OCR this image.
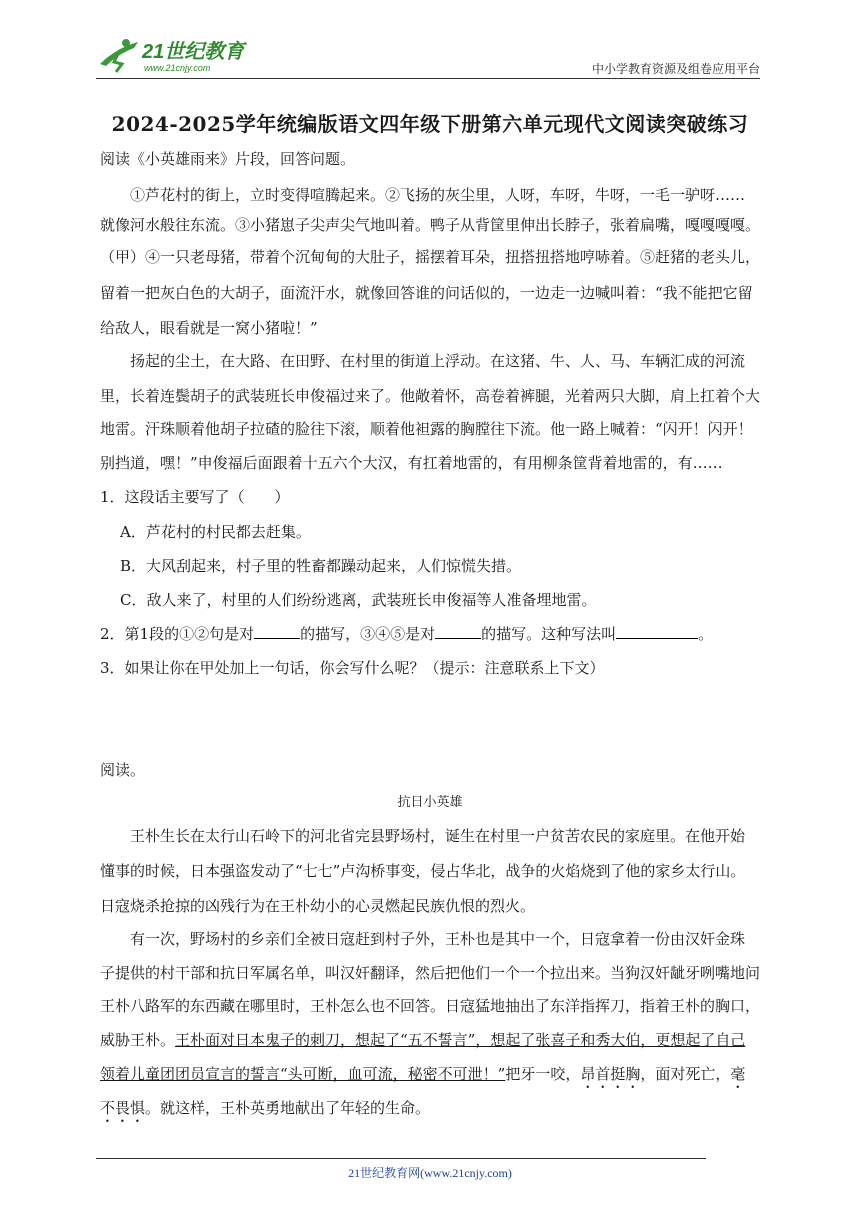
21世纪教育
www.21cnjy.com	中小学教育资源及组卷应用平台
2024-2025学年统编版语文四年级下册第六单元现代文阅读突破练习
阅读《小英雄雨来》片段，回答问题。
①芦花村的街上，立时变得喧腾起来。②飞扬的灰尘里，人呀，车呀，牛呀，一毛一驴呀……
就像河水般往东流。③小猪崽子尖声尖气地叫着。鸭子从背筐里伸出长脖子，张着扁嘴，嘎嘎嘎嘎。
（甲）④一只老母猪，带着个沉甸甸的大肚子，摇摆着耳朵，扭搭扭搭地哼哧着。⑤赶猪的老头儿，
留着一把灰白色的大胡子，面流汗水，就像回答谁的问话似的，一边走一边喊叫着：“我不能把它留
给敌人，眼看就是一窝小猪啦！”
扬起的尘土，在大路、在田野、在村里的街道上浮动。在这猪、牛、人、马、车辆汇成的河流
里，长着连鬓胡子的武装班长申俊福过来了。他敞着怀，高卷着裤腿，光着两只大脚，肩上扛着个大
地雷。汗珠顺着他胡子拉碴的脸往下滚，顺着他袒露的胸膛往下流。他一路上喊着：“闪开！闪开！
别挡道，嘿！”申俊福后面跟着十五六个大汉，有扛着地雷的，有用柳条筐背着地雷的，有……
1．这段话主要写了（　　）
A．芦花村的村民都去赶集。
B．大风刮起来，村子里的牲畜都躁动起来，人们惊慌失措。
C．敌人来了，村里的人们纷纷逃离，武装班长申俊福等人准备埋地雷。
2．第1段的①②句是对	的描写，③④⑤是对	的描写。这种写法叫	。
3．如果让你在甲处加上一句话，你会写什么呢？（提示：注意联系上下文）
阅读。
抗日小英雄
王朴生长在太行山石岭下的河北省完县野场村，诞生在村里一户贫苦农民的家庭里。在他开始
懂事的时候，日本强盗发动了“七七”卢沟桥事变，侵占华北，战争的火焰烧到了他的家乡太行山。
日寇烧杀抢掠的凶残行为在王朴幼小的心灵燃起民族仇恨的烈火。
有一次，野场村的乡亲们全被日寇赶到村子外，王朴也是其中一个，日寇拿着一份由汉奸金珠
子提供的村干部和抗日军属名单，叫汉奸翻译，然后把他们一个一个拉出来。当狗汉奸龇牙咧嘴地问
王朴八路军的东西藏在哪里时，王朴怎么也不回答。日寇猛地抽出了东洋指挥刀，指着王朴的胸口，
威胁王朴。王朴面对日本鬼子的刺刀，想起了“五不誓言”，想起了张喜子和秀大伯，更想起了自己
领着儿童团团员宣言的誓言“头可断，血可流，秘密不可泄！”把牙一咬，昂首挺胸，面对死亡，毫
不畏惧。就这样，王朴英勇地献出了年轻的生命。
21世纪教育网(www.21cnjy.com)
